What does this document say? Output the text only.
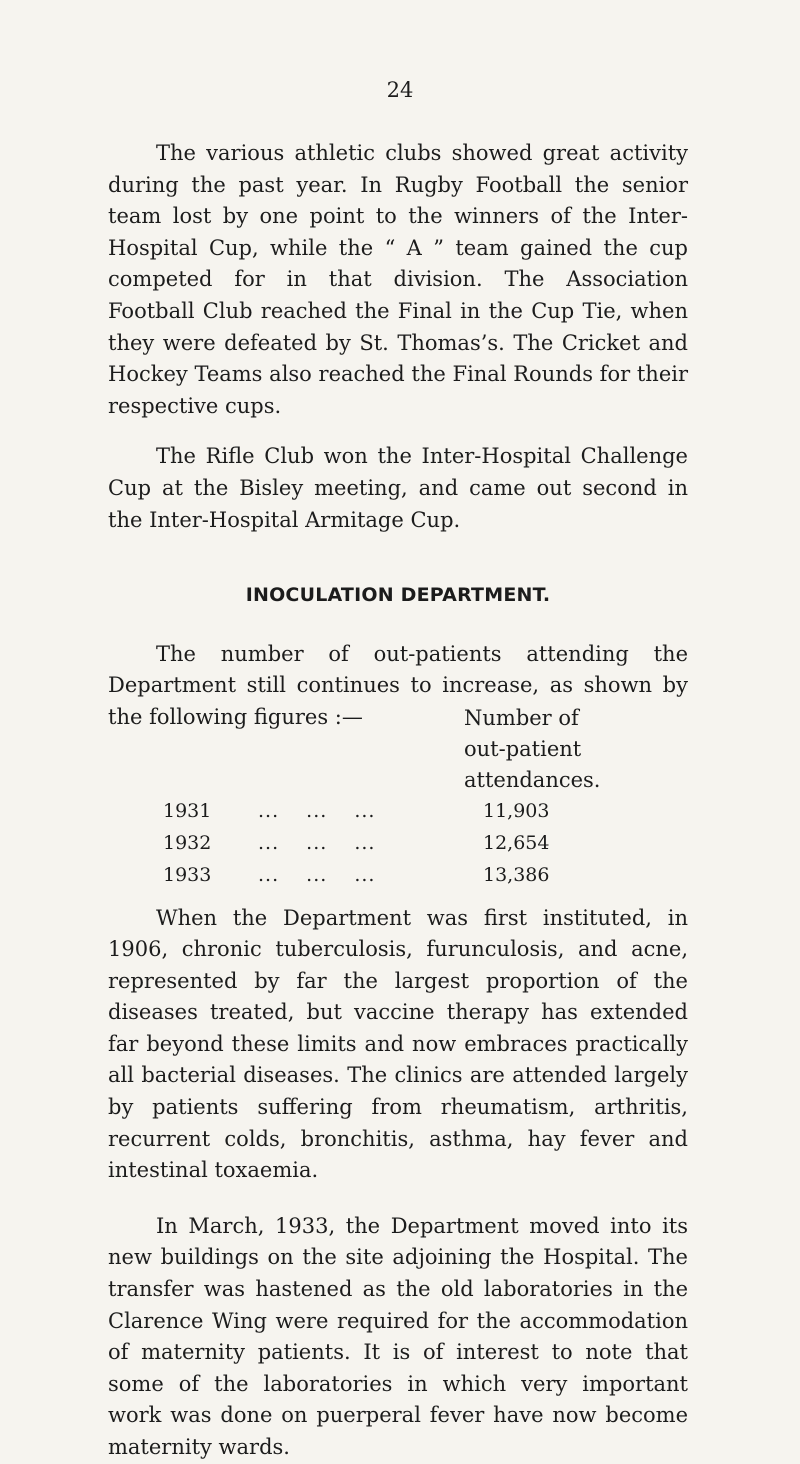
24

The various athletic clubs showed great activity during the past year. In Rugby Football the senior team lost by one point to the winners of the Inter-Hospital Cup, while the “ A ” team gained the cup competed for in that division. The Association Football Club reached the Final in the Cup Tie, when they were defeated by St. Thomas’s. The Cricket and Hockey Teams also reached the Final Rounds for their respective cups.

The Rifle Club won the Inter-Hospital Challenge Cup at the Bisley meeting, and came out second in the Inter-Hospital Armitage Cup.

INOCULATION DEPARTMENT.

The number of out-patients attending the Department still continues to increase, as shown by the following figures :—	Number of
out-patient
attendances.
1931 ... ... ...	11,903
1932 ... ... ...	12,654
1933 ... ... ...	13,386

When the Department was first instituted, in 1906, chronic tuberculosis, furunculosis, and acne, represented by far the largest proportion of the diseases treated, but vaccine therapy has extended far beyond these limits and now embraces practically all bacterial diseases. The clinics are attended largely by patients suffering from rheumatism, arthritis, recurrent colds, bronchitis, asthma, hay fever and intestinal toxaemia.

In March, 1933, the Department moved into its new buildings on the site adjoining the Hospital. The transfer was hastened as the old laboratories in the Clarence Wing were required for the accommodation of maternity patients. It is of interest to note that some of the laboratories in which very important work was done on puerperal fever have now become maternity wards.
